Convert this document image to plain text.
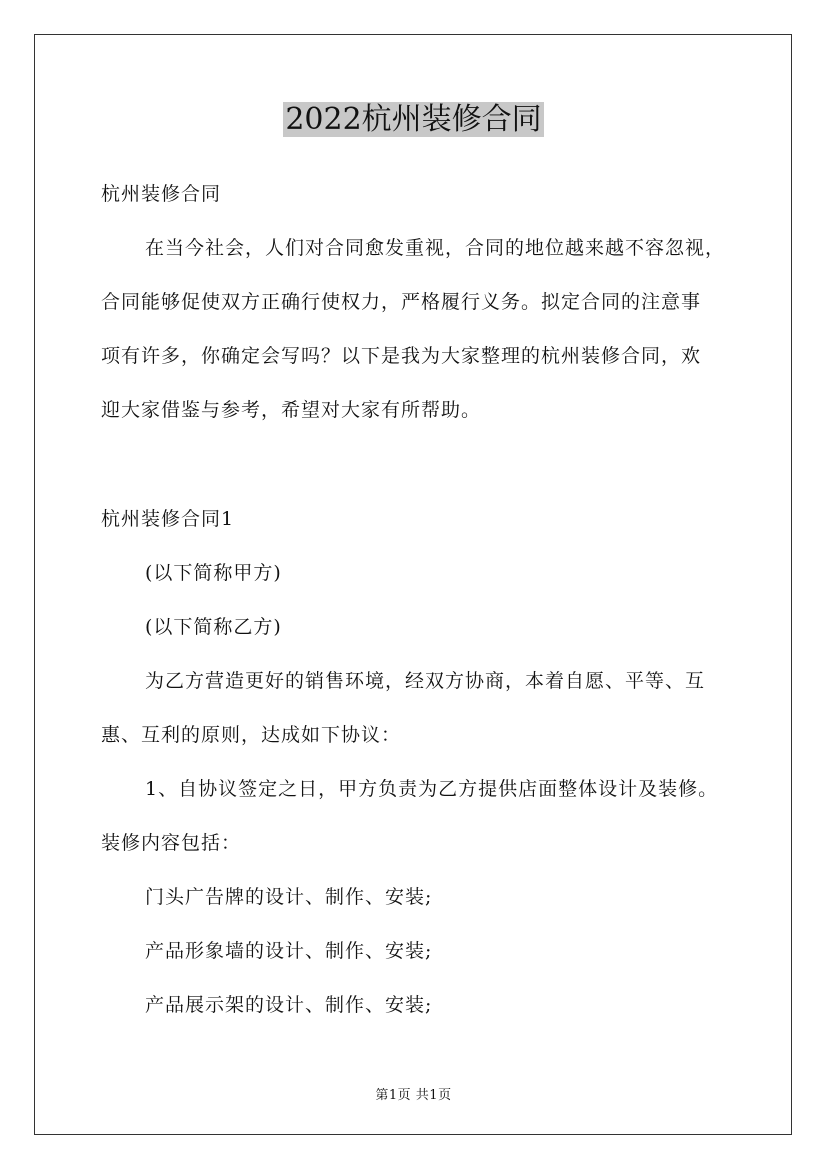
2022杭州装修合同
杭州装修合同
在当今社会，人们对合同愈发重视，合同的地位越来越不容忽视，
合同能够促使双方正确行使权力，严格履行义务。拟定合同的注意事
项有许多，你确定会写吗？以下是我为大家整理的杭州装修合同，欢
迎大家借鉴与参考，希望对大家有所帮助。
杭州装修合同1
(以下简称甲方)
(以下简称乙方)
为乙方营造更好的销售环境，经双方协商，本着自愿、平等、互
惠、互利的原则，达成如下协议：
1、自协议签定之日，甲方负责为乙方提供店面整体设计及装修。
装修内容包括：
门头广告牌的设计、制作、安装;
产品形象墙的设计、制作、安装;
产品展示架的设计、制作、安装;
第1页 共1页
